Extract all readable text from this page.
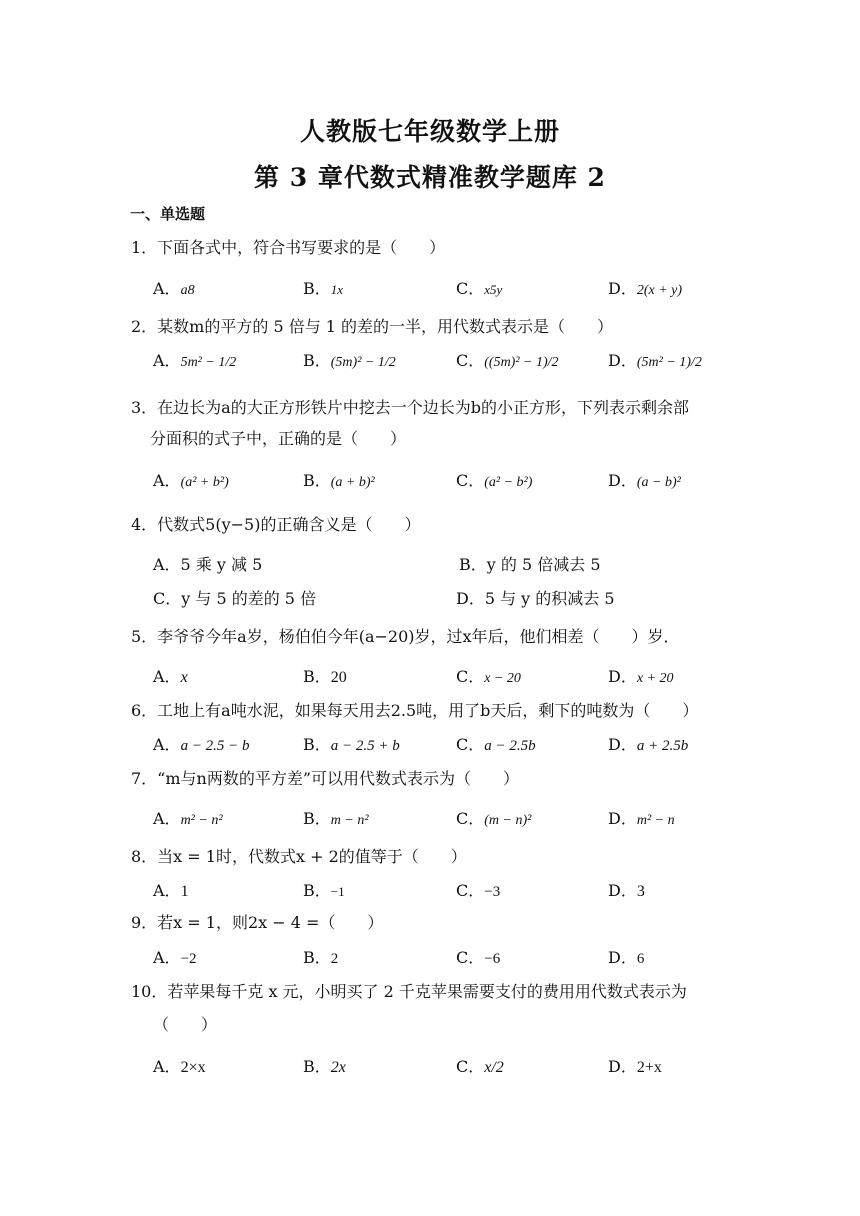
人教版七年级数学上册
第 3 章代数式精准教学题库 2
一、单选题
1．下面各式中，符合书写要求的是（　　）
A．a8	B．1x	C．x5y	D．2(x + y)
2．某数m的平方的 5 倍与 1 的差的一半，用代数式表示是（　　）
A．5m² − 1/2	B．(5m)² − 1/2	C．((5m)² − 1)/2	D．(5m² − 1)/2
3．在边长为a的大正方形铁片中挖去一个边长为b的小正方形，下列表示剩余部
分面积的式子中，正确的是（　　）
A．(a² + b²)	B．(a + b)²	C．(a² − b²)	D．(a − b)²
4．代数式5(y−5)的正确含义是（　　）
A．5 乘 y 减 5	B．y 的 5 倍减去 5
C．y 与 5 的差的 5 倍	D．5 与 y 的积减去 5
5．李爷爷今年a岁，杨伯伯今年(a−20)岁，过x年后，他们相差（　　）岁．
A．x	B．20	C．x − 20	D．x + 20
6．工地上有a吨水泥，如果每天用去2.5吨，用了b天后，剩下的吨数为（　　）
A．a − 2.5 − b	B．a − 2.5 + b	C．a − 2.5b	D．a + 2.5b
7．“m与n两数的平方差”可以用代数式表示为（　　）
A．m² − n²	B．m − n²	C．(m − n)²	D．m² − n
8．当x = 1时，代数式x + 2的值等于（　　）
A．1	B．−1	C．−3	D．3
9．若x = 1，则2x − 4 =（　　）
A．−2	B．2	C．−6	D．6
10．若苹果每千克 x 元，小明买了 2 千克苹果需要支付的费用用代数式表示为
（　　）
A．2×x	B．2x	C．x/2	D．2+x
